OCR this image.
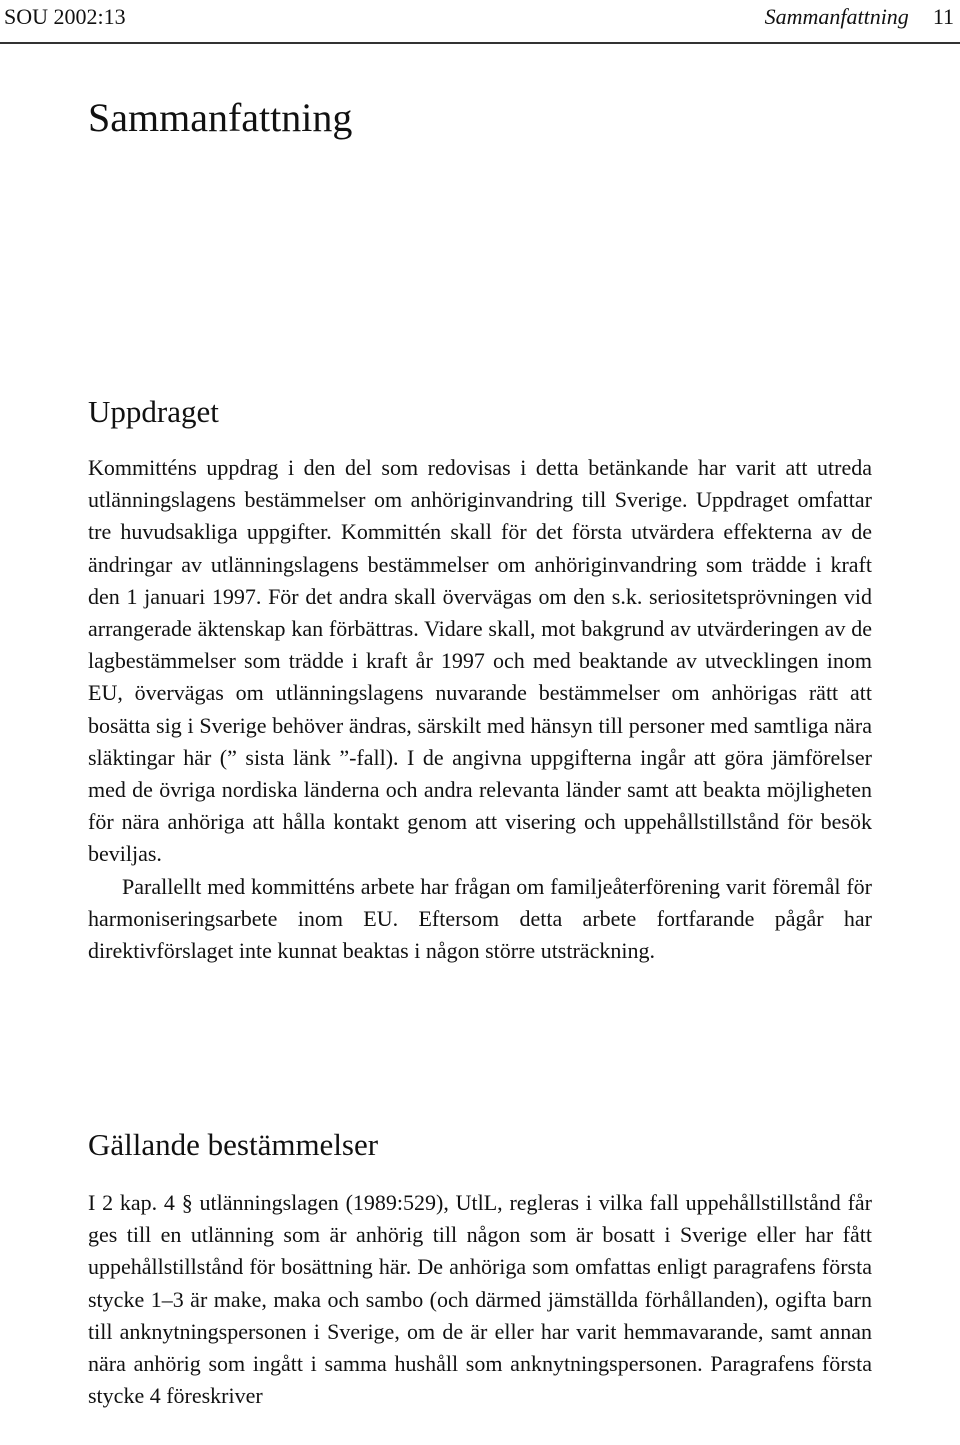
SOU 2002:13	Sammanfattning 11
Sammanfattning
Uppdraget

Kommitténs uppdrag i den del som redovisas i detta betänkande har varit att utreda utlänningslagens bestämmelser om anhöriginvandring till Sverige. Uppdraget omfattar tre huvudsakliga uppgifter. Kommittén skall för det första utvärdera effekterna av de ändringar av utlänningslagens bestämmelser om anhöriginvandring som trädde i kraft den 1 januari 1997. För det andra skall övervägas om den s.k. seriositetsprövningen vid arrangerade äktenskap kan förbättras. Vidare skall, mot bakgrund av utvärderingen av de lagbestämmelser som trädde i kraft år 1997 och med beaktande av utvecklingen inom EU, övervägas om utlänningslagens nuvarande bestämmelser om anhörigas rätt att bosätta sig i Sverige behöver ändras, särskilt med hänsyn till personer med samtliga nära släktingar här (” sista länk ”-fall). I de angivna uppgifterna ingår att göra jämförelser med de övriga nordiska länderna och andra relevanta länder samt att beakta möjligheten för nära anhöriga att hålla kontakt genom att visering och uppehållstillstånd för besök beviljas.

Parallellt med kommitténs arbete har frågan om familjeåterförening varit föremål för harmoniseringsarbete inom EU. Eftersom detta arbete fortfarande pågår har direktivförslaget inte kunnat beaktas i någon större utsträckning.

Gällande bestämmelser

I 2 kap. 4 § utlänningslagen (1989:529), UtlL, regleras i vilka fall uppehållstillstånd får ges till en utlänning som är anhörig till någon som är bosatt i Sverige eller har fått uppehållstillstånd för bosättning här. De anhöriga som omfattas enligt paragrafens första stycke 1–3 är make, maka och sambo (och därmed jämställda förhållanden), ogifta barn till anknytningspersonen i Sverige, om de är eller har varit hemmavarande, samt annan nära anhörig som ingått i samma hushåll som anknytningspersonen. Paragrafens första stycke 4 föreskriver
